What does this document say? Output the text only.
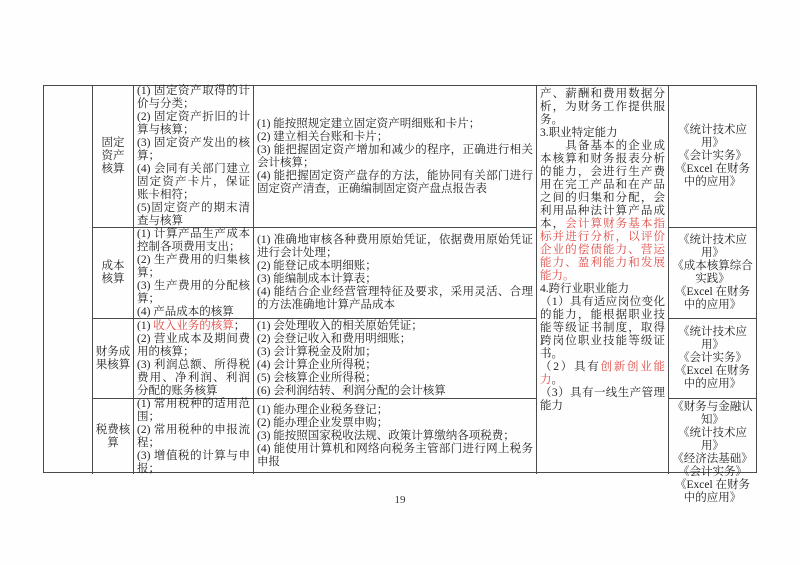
固定
资产
核算
(1) 固定资产取得的计价与分类；
(2) 固定资产折旧的计算与核算；
(3) 固定资产发出的核算；
(4) 会同有关部门建立固定资产卡片，保证账卡相符；
(5)固定资产的期末清查与核算
(1) 能按照规定建立固定资产明细账和卡片；
(2) 建立相关台账和卡片；
(3) 能把握固定资产增加和减少的程序，正确进行相关会计核算；
(4) 能把握固定资产盘存的方法，能协同有关部门进行固定资产清查，正确编制固定资产盘点报告表
《统计技术应用》
《会计实务》
《Excel 在财务中的应用》
成本
核算
(1) 计算产品生产成本控制各项费用支出；
(2) 生产费用的归集核算；
(3) 生产费用的分配核算；
(4) 产品成本的核算
(1) 准确地审核各种费用原始凭证，依据费用原始凭证进行会计处理；
(2) 能登记成本明细账；
(3) 能编制成本计算表；
(4) 能结合企业经营管理特征及要求，采用灵活、合理的方法准确地计算产品成本
《统计技术应用》
《成本核算综合实践》
《Excel 在财务中的应用》
财务成
果核算
(1) 收入业务的核算；
(2) 营业成本及期间费用的核算；
(3) 利润总额、所得税费用、净利润、利润分配的账务核算
(1) 会处理收入的相关原始凭证；
(2) 会登记收入和费用明细账；
(3) 会计算税金及附加；
(4) 会计算企业所得税；
(5) 会核算企业所得税；
(6) 会利润结转、利润分配的会计核算
《统计技术应用》
《会计实务》
《Excel 在财务中的应用》
税费核
算
(1) 常用税种的适用范围；
(2) 常用税种的申报流程；
(3) 增值税的计算与申报；
(1) 能办理企业税务登记；
(2) 能办理企业发票申购；
(3) 能按照国家税收法规、政策计算缴纳各项税费；
(4) 能使用计算机和网络向税务主管部门进行网上税务申报
《财务与金融认知》
《统计技术应用》
《经济法基础》
《会计实务》
《Excel 在财务中的应用》
产、薪酬和费用数据分析，为财务工作提供服务。
3.职业特定能力
　　具备基本的企业成本核算和财务报表分析的能力，会进行生产费用在完工产品和在产品之间的归集和分配，会利用品种法计算产品成本，会计算财务基本指标并进行分析，以评价企业的偿债能力、营运能力、盈利能力和发展能力。
4.跨行业职业能力
（1）具有适应岗位变化的能力，能根据职业技能等级证书制度，取得跨岗位职业技能等级证书。
（2）具有创新创业能力。
（3）具有一线生产管理能力
19
